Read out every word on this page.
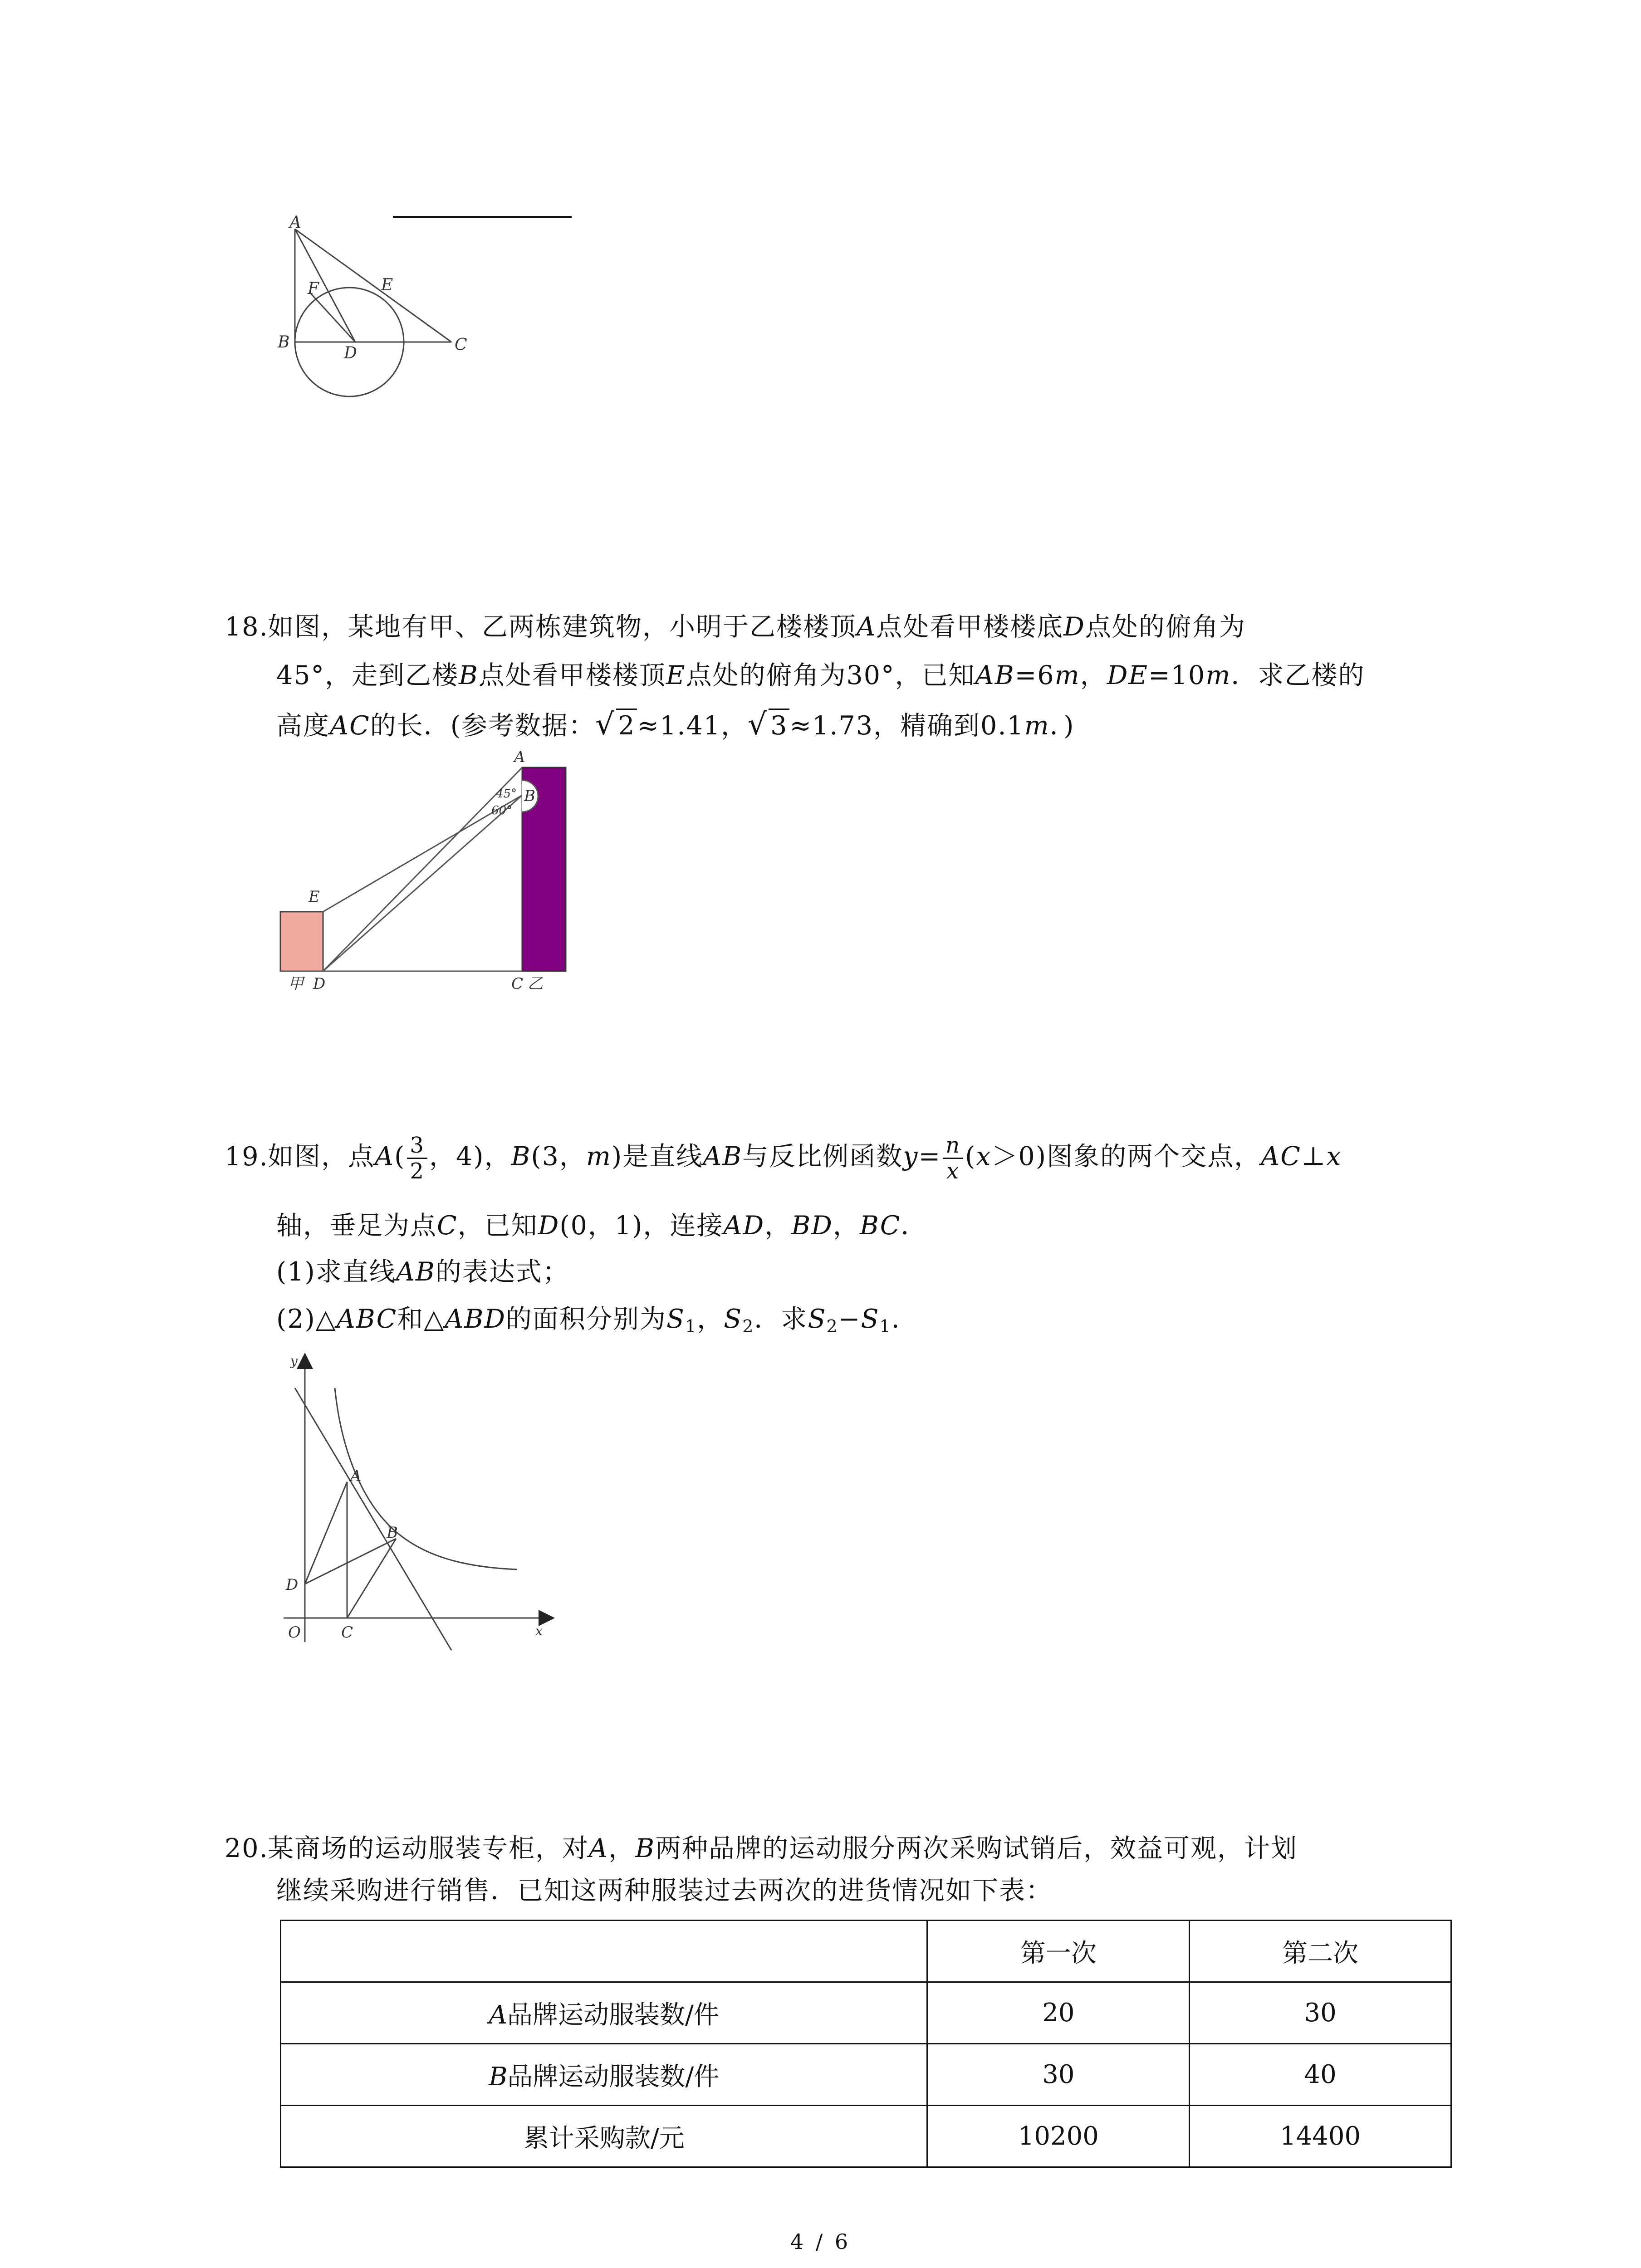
A
B	C
D
E
F
18.如图，某地有甲、乙两栋建筑物，小明于乙楼楼顶A点处看甲楼楼底D点处的俯角为
45°，走到乙楼B点处看甲楼楼顶E点处的俯角为30°，已知AB=6m，DE=10m．求乙楼的
高度AC的长．(参考数据：√ 2≈1.41，√ 3≈1.73，精确到0.1m．)
A
B
E
D	C
45°
60°
甲	乙
19.如图，点$A( \frac{3}{2}$ ，4)，B(3，m)是直线AB与反比例函数$y= \frac{n}{x} (x>0)$图象的两个交点，AC⊥x
轴，垂足为点C，已知D(0，1)，连接AD，BD，BC．
(1)求直线AB的表达式；
(2)△ABC和△ABD的面积分别为$S_1$，$S_2$．求$S_2-S_1$．
y
x
A
B
C
D
O
20.某商场的运动服装专柜，对A，B两种品牌的运动服分两次采购试销后，效益可观，计划
继续采购进行销售．已知这两种服装过去两次的进货情况如下表：
	第一次	第二次
A品牌运动服装数/件	20	30
B品牌运动服装数/件	30	40
累计采购款/元	10200	14400
4 / 6
